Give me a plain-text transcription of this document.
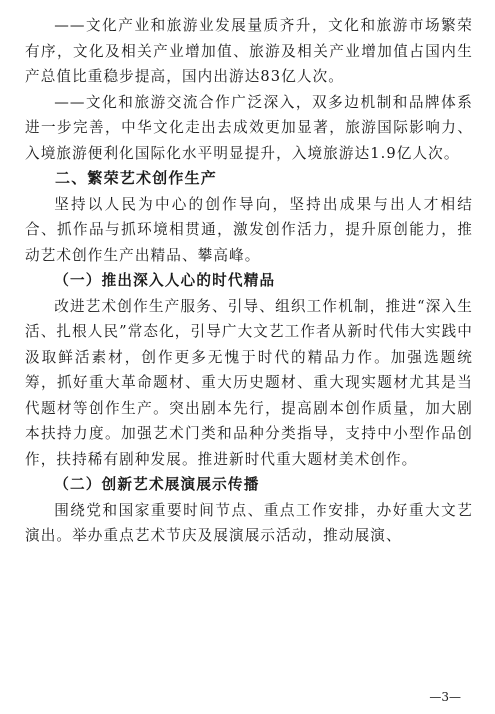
——文化产业和旅游业发展量质齐升，文化和旅游市场繁荣有序，文化及相关产业增加值、旅游及相关产业增加值占国内生产总值比重稳步提高，国内出游达83亿人次。

——文化和旅游交流合作广泛深入，双多边机制和品牌体系进一步完善，中华文化走出去成效更加显著，旅游国际影响力、入境旅游便利化国际化水平明显提升，入境旅游达1.9亿人次。

二、繁荣艺术创作生产

坚持以人民为中心的创作导向，坚持出成果与出人才相结合、抓作品与抓环境相贯通，激发创作活力，提升原创能力，推动艺术创作生产出精品、攀高峰。

（一）推出深入人心的时代精品

改进艺术创作生产服务、引导、组织工作机制，推进“深入生活、扎根人民”常态化，引导广大文艺工作者从新时代伟大实践中汲取鲜活素材，创作更多无愧于时代的精品力作。加强选题统筹，抓好重大革命题材、重大历史题材、重大现实题材尤其是当代题材等创作生产。突出剧本先行，提高剧本创作质量，加大剧本扶持力度。加强艺术门类和品种分类指导，支持中小型作品创作，扶持稀有剧种发展。推进新时代重大题材美术创作。

（二）创新艺术展演展示传播

围绕党和国家重要时间节点、重点工作安排，办好重大文艺演出。举办重点艺术节庆及展演展示活动，推动展演、

—3—
